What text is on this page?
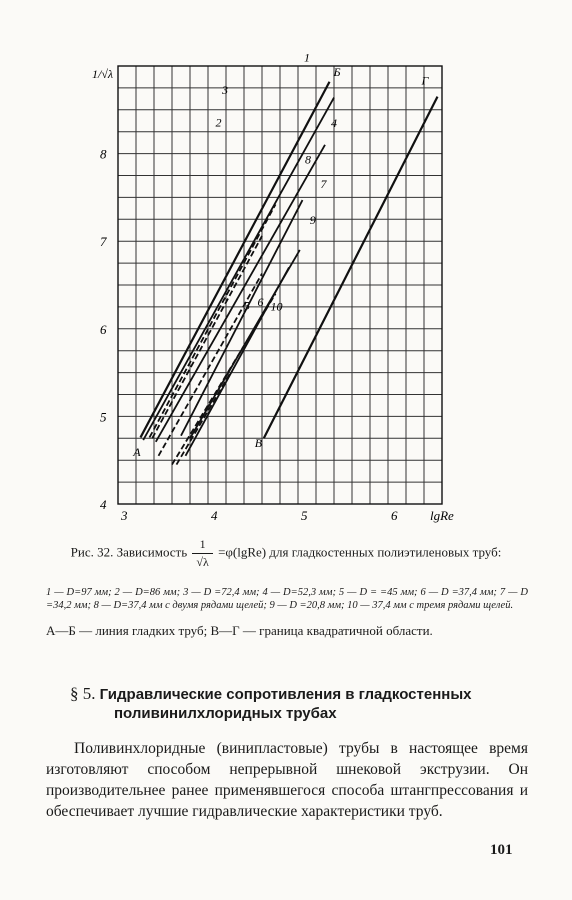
3	4	5	6
4
5
6
7
8
lgRe
1/√λ	Б
1
2
3
4
5 6
7
8
9
10
Г
А
В
Рис. 32. Зависимость $\frac{1}{√\lambda}$ =φ(lgRe) для гладкостенных полиэтиленовых труб:
1 — D=97 мм; 2 — D=86 мм; 3 — D =72,4 мм; 4 — D=52,3 мм; 5 — D = =45 мм; 6 — D =37,4 мм; 7 — D =34,2 мм; 8 — D=37,4 мм с двумя рядами щелей; 9 — D =20,8 мм; 10 — 37,4 мм с тремя рядами щелей.
А—Б — линия гладких труб; В—Г — граница квадратичной области.
§ 5. Гидравлические сопротивления в гладкостенных
поливинилхлоридных трубах
Поливинхлоридные (винипластовые) трубы в настоящее время изготовляют способом непрерывной шнековой экструзии. Он производительнее ранее применявшегося способа штангпрессования и обеспечивает лучшие гидравлические характеристики труб.
101
